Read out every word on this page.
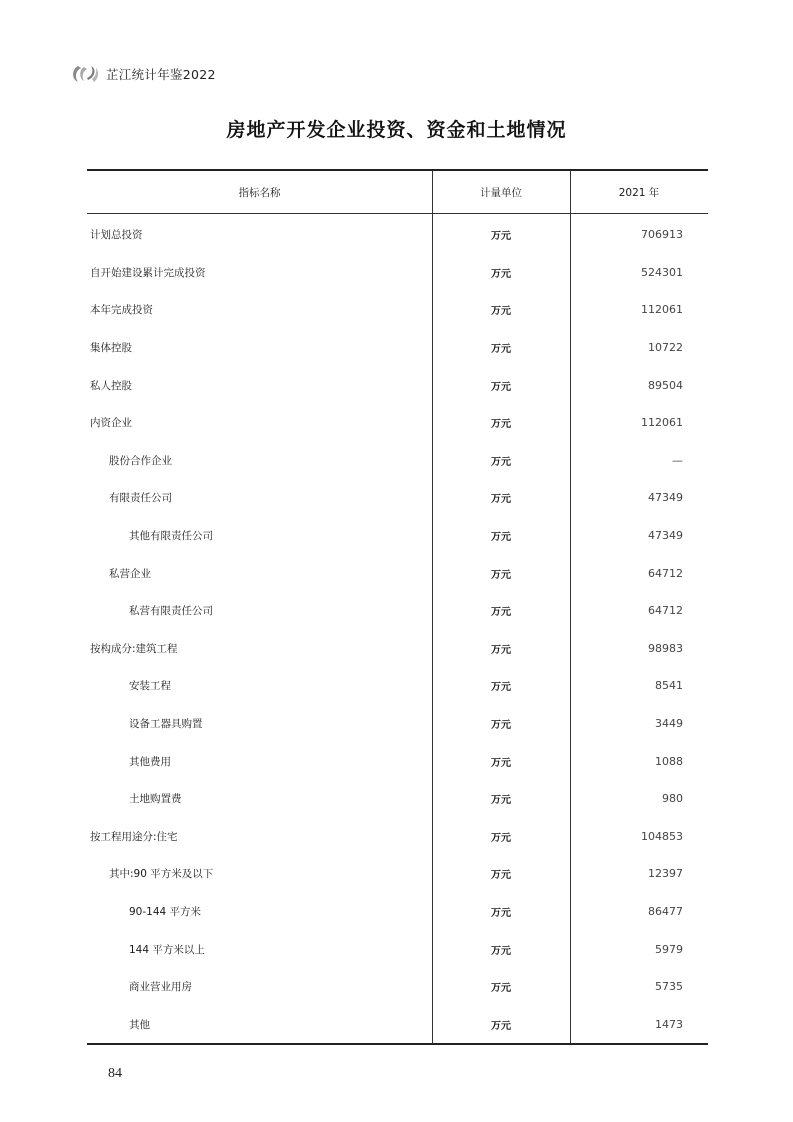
芷江统计年鉴2022
房地产开发企业投资、资金和土地情况
指标名称	计量单位	2021 年
计划总投资	万元	706913
自开始建设累计完成投资	万元	524301
本年完成投资	万元	112061
集体控股	万元	10722
私人控股	万元	89504
内资企业	万元	112061
股份合作企业	万元	—
有限责任公司	万元	47349
其他有限责任公司	万元	47349
私营企业	万元	64712
私营有限责任公司	万元	64712
按构成分:建筑工程	万元	98983
安装工程	万元	8541
设备工器具购置	万元	3449
其他费用	万元	1088
土地购置费	万元	980
按工程用途分:住宅	万元	104853
其中:90 平方米及以下	万元	12397
90-144 平方米	万元	86477
144 平方米以上	万元	5979
商业营业用房	万元	5735
其他	万元	1473
84
